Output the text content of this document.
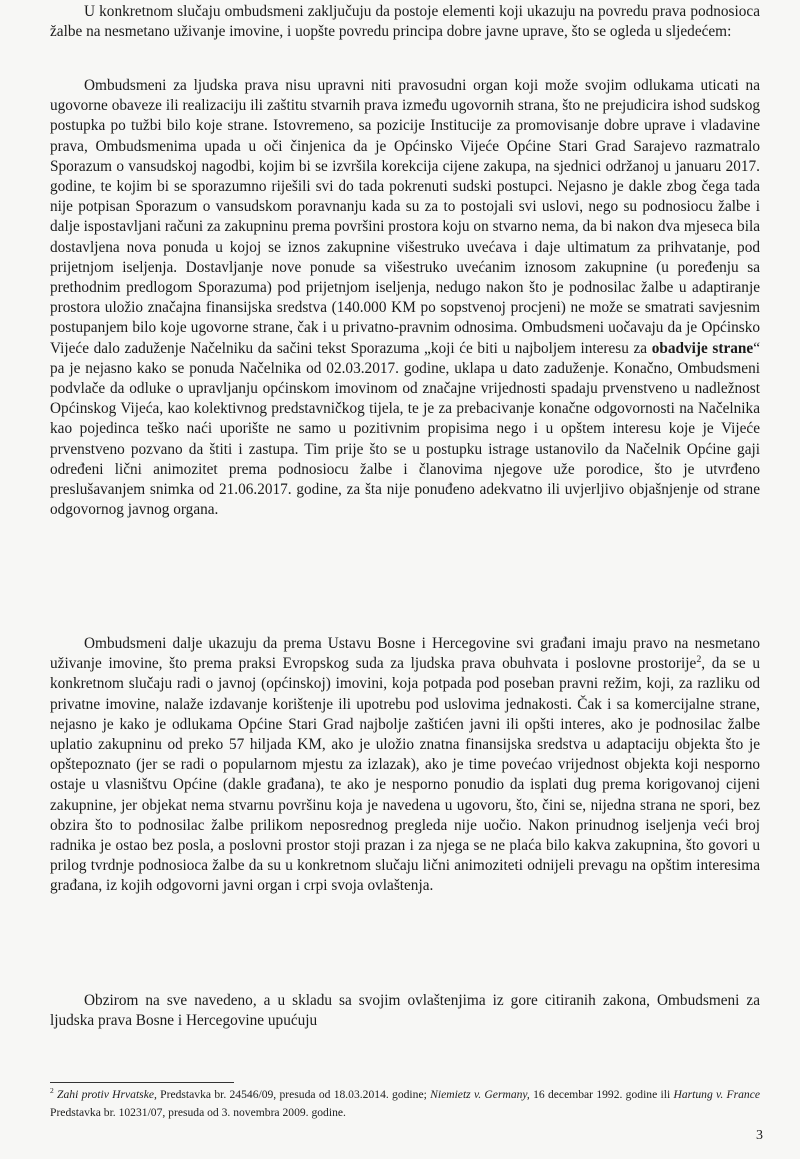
U konkretnom slučaju ombudsmeni zaključuju da postoje elementi koji ukazuju na povredu prava podnosioca žalbe na nesmetano uživanje imovine, i uopšte povredu principa dobre javne uprave, što se ogleda u sljedećem:

Ombudsmeni za ljudska prava nisu upravni niti pravosudni organ koji može svojim odlukama uticati na ugovorne obaveze ili realizaciju ili zaštitu stvarnih prava između ugovornih strana, što ne prejudicira ishod sudskog postupka po tužbi bilo koje strane. Istovremeno, sa pozicije Institucije za promovisanje dobre uprave i vladavine prava, Ombudsmenima upada u oči činjenica da je Općinsko Vijeće Općine Stari Grad Sarajevo razmatralo Sporazum o vansudskoj nagodbi, kojim bi se izvršila korekcija cijene zakupa, na sjednici održanoj u januaru 2017. godine, te kojim bi se sporazumno riješili svi do tada pokrenuti sudski postupci. Nejasno je dakle zbog čega tada nije potpisan Sporazum o vansudskom poravnanju kada su za to postojali svi uslovi, nego su podnosiocu žalbe i dalje ispostavljani računi za zakupninu prema površini prostora koju on stvarno nema, da bi nakon dva mjeseca bila dostavljena nova ponuda u kojoj se iznos zakupnine višestruko uvećava i daje ultimatum za prihvatanje, pod prijetnjom iseljenja. Dostavljanje nove ponude sa višestruko uvećanim iznosom zakupnine (u poređenju sa prethodnim predlogom Sporazuma) pod prijetnjom iseljenja, nedugo nakon što je podnosilac žalbe u adaptiranje prostora uložio značajna finansijska sredstva (140.000 KM po sopstvenoj procjeni) ne može se smatrati savjesnim postupanjem bilo koje ugovorne strane, čak i u privatno-pravnim odnosima. Ombudsmeni uočavaju da je Općinsko Vijeće dalo zaduženje Načelniku da sačini tekst Sporazuma „koji će biti u najboljem interesu za obadvije strane“ pa je nejasno kako se ponuda Načelnika od 02.03.2017. godine, uklapa u dato zaduženje. Konačno, Ombudsmeni podvlače da odluke o upravljanju općinskom imovinom od značajne vrijednosti spadaju prvenstveno u nadležnost Općinskog Vijeća, kao kolektivnog predstavničkog tijela, te je za prebacivanje konačne odgovornosti na Načelnika kao pojedinca teško naći uporište ne samo u pozitivnim propisima nego i u opštem interesu koje je Vijeće prvenstveno pozvano da štiti i zastupa. Tim prije što se u postupku istrage ustanovilo da Načelnik Općine gaji određeni lični animozitet prema podnosiocu žalbe i članovima njegove uže porodice, što je utvrđeno preslušavanjem snimka od 21.06.2017. godine, za šta nije ponuđeno adekvatno ili uvjerljivo objašnjenje od strane odgovornog javnog organa.

Ombudsmeni dalje ukazuju da prema Ustavu Bosne i Hercegovine svi građani imaju pravo na nesmetano uživanje imovine, što prema praksi Evropskog suda za ljudska prava obuhvata i poslovne prostorije$^2$, da se u konkretnom slučaju radi o javnoj (općinskoj) imovini, koja potpada pod poseban pravni režim, koji, za razliku od privatne imovine, nalaže izdavanje korištenje ili upotrebu pod uslovima jednakosti. Čak i sa komercijalne strane, nejasno je kako je odlukama Općine Stari Grad najbolje zaštićen javni ili opšti interes, ako je podnosilac žalbe uplatio zakupninu od preko 57 hiljada KM, ako je uložio znatna finansijska sredstva u adaptaciju objekta što je opštepoznato (jer se radi o popularnom mjestu za izlazak), ako je time povećao vrijednost objekta koji nesporno ostaje u vlasništvu Općine (dakle građana), te ako je nesporno ponudio da isplati dug prema korigovanoj cijeni zakupnine, jer objekat nema stvarnu površinu koja je navedena u ugovoru, što, čini se, nijedna strana ne spori, bez obzira što to podnosilac žalbe prilikom neposrednog pregleda nije uočio. Nakon prinudnog iseljenja veći broj radnika je ostao bez posla, a poslovni prostor stoji prazan i za njega se ne plaća bilo kakva zakupnina, što govori u prilog tvrdnje podnosioca žalbe da su u konkretnom slučaju lični animoziteti odnijeli prevagu na opštim interesima građana, iz kojih odgovorni javni organ i crpi svoja ovlaštenja.

Obzirom na sve navedeno, a u skladu sa svojim ovlaštenjima iz gore citiranih zakona, Ombudsmeni za ljudska prava Bosne i Hercegovine upućuju

$^2$ Zahi protiv Hrvatske, Predstavka br. 24546/09, presuda od 18.03.2014. godine; Niemietz v. Germany, 16 decembar 1992. godine ili Hartung v. France Predstavka br. 10231/07, presuda od 3. novembra 2009. godine.

3
